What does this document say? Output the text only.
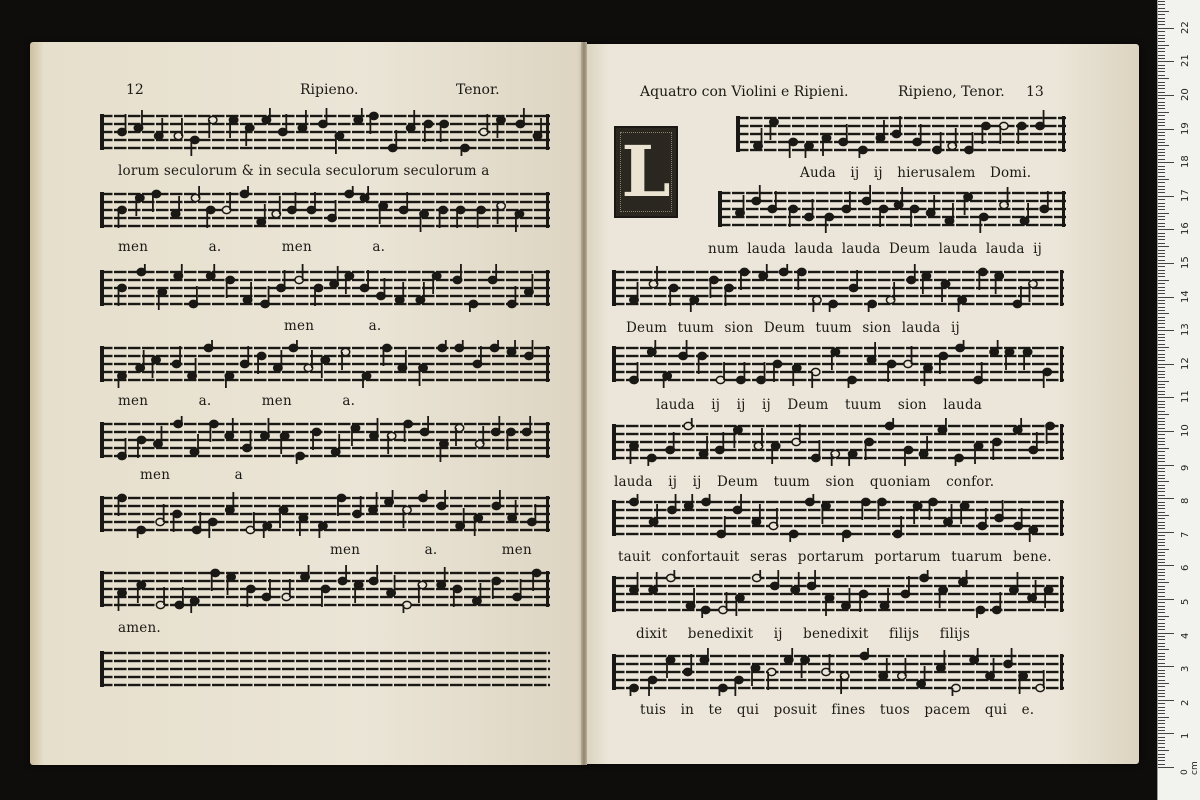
12	Ripieno.	Tenor.	Aquatro con Violini e Ripieni.	Ripieno, Tenor. 13
lorum seculorum & in secula seculorum seculorum a
men a. men a.
men a.
men a. men a.
men a
men a. men
amen.
L	Auda ij ij hierusalem Domi.
num lauda lauda lauda Deum lauda lauda ij
Deum tuum sion Deum tuum sion lauda ij
lauda ij ij ij Deum tuum sion lauda
lauda ij ij Deum tuum sion quoniam confor.
tauit confortauit seras portarum portarum tuarum bene.
dixit benedixit ij benedixit filijs filijs
tuis in te qui posuit fines tuos pacem qui e.
0 cm
1
2
3
4
5
6
7
8
9
10
11
12
13
14
15
16
17
18
19
20
21
22
